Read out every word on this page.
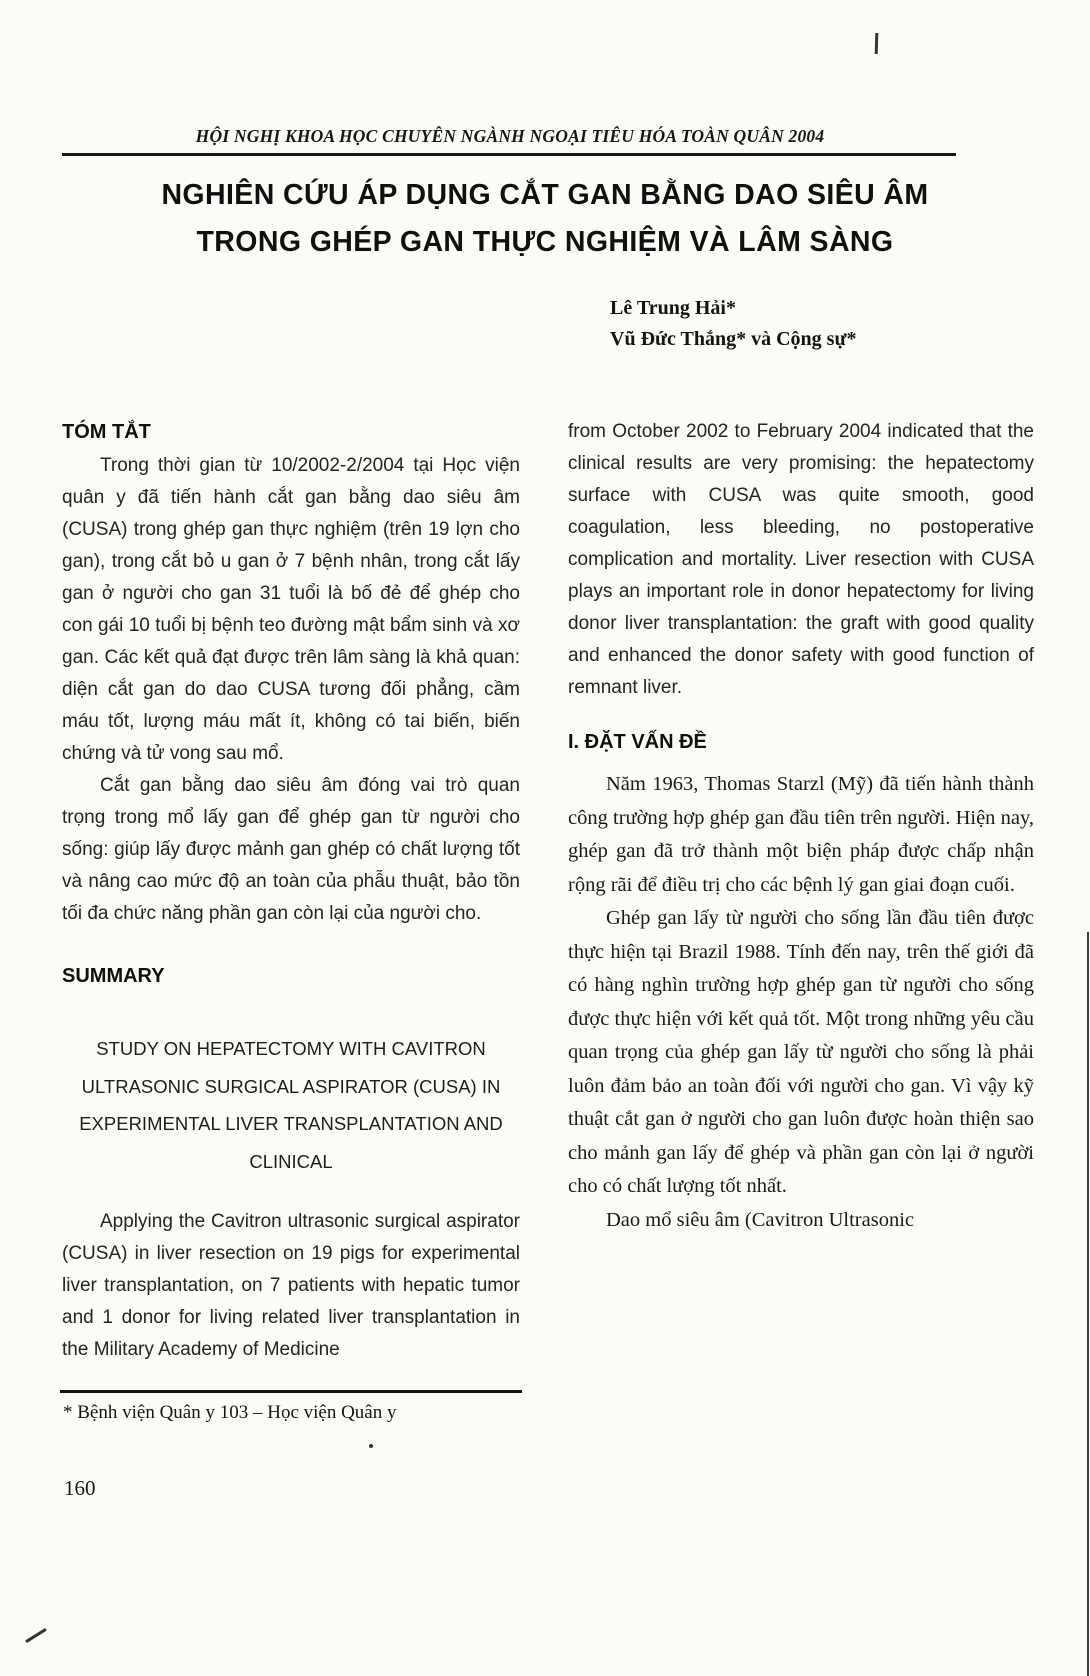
HỘI NGHỊ KHOA HỌC CHUYÊN NGÀNH NGOẠI TIÊU HÓA TOÀN QUÂN 2004
NGHIÊN CỨU ÁP DỤNG CẮT GAN BẰNG DAO SIÊU ÂM
TRONG GHÉP GAN THỰC NGHIỆM VÀ LÂM SÀNG
Lê Trung Hải*
Vũ Đức Thắng* và Cộng sự*
TÓM TẮT

Trong thời gian từ 10/2002-2/2004 tại Học viện quân y đã tiến hành cắt gan bằng dao siêu âm (CUSA) trong ghép gan thực nghiệm (trên 19 lợn cho gan), trong cắt bỏ u gan ở 7 bệnh nhân, trong cắt lấy gan ở người cho gan 31 tuổi là bố đẻ để ghép cho con gái 10 tuổi bị bệnh teo đường mật bẩm sinh và xơ gan. Các kết quả đạt được trên lâm sàng là khả quan: diện cắt gan do dao CUSA tương đối phẳng, cầm máu tốt, lượng máu mất ít, không có tai biến, biến chứng và tử vong sau mổ.

Cắt gan bằng dao siêu âm đóng vai trò quan trọng trong mổ lấy gan để ghép gan từ người cho sống: giúp lấy được mảnh gan ghép có chất lượng tốt và nâng cao mức độ an toàn của phẫu thuật, bảo tồn tối đa chức năng phần gan còn lại của người cho.

SUMMARY

STUDY ON HEPATECTOMY WITH CAVITRON ULTRASONIC SURGICAL ASPIRATOR (CUSA) IN EXPERIMENTAL LIVER TRANSPLANTATION AND CLINICAL

Applying the Cavitron ultrasonic surgical aspirator (CUSA) in liver resection on 19 pigs for experimental liver transplantation, on 7 patients with hepatic tumor and 1 donor for living related liver transplantation in the Military Academy of Medicine

from October 2002 to February 2004 indicated that the clinical results are very promising: the hepatectomy surface with CUSA was quite smooth, good coagulation, less bleeding, no postoperative complication and mortality. Liver resection with CUSA plays an important role in donor hepatectomy for living donor liver transplantation: the graft with good quality and enhanced the donor safety with good function of remnant liver.

I. ĐẶT VẤN ĐỀ

Năm 1963, Thomas Starzl (Mỹ) đã tiến hành thành công trường hợp ghép gan đầu tiên trên người. Hiện nay, ghép gan đã trở thành một biện pháp được chấp nhận rộng rãi để điều trị cho các bệnh lý gan giai đoạn cuối.

Ghép gan lấy từ người cho sống lần đầu tiên được thực hiện tại Brazil 1988. Tính đến nay, trên thế giới đã có hàng nghìn trường hợp ghép gan từ người cho sống được thực hiện với kết quả tốt. Một trong những yêu cầu quan trọng của ghép gan lấy từ người cho sống là phải luôn đảm bảo an toàn đối với người cho gan. Vì vậy kỹ thuật cắt gan ở người cho gan luôn được hoàn thiện sao cho mảnh gan lấy để ghép và phần gan còn lại ở người cho có chất lượng tốt nhất.

Dao mổ siêu âm (Cavitron Ultrasonic

* Bệnh viện Quân y 103 – Học viện Quân y
160
